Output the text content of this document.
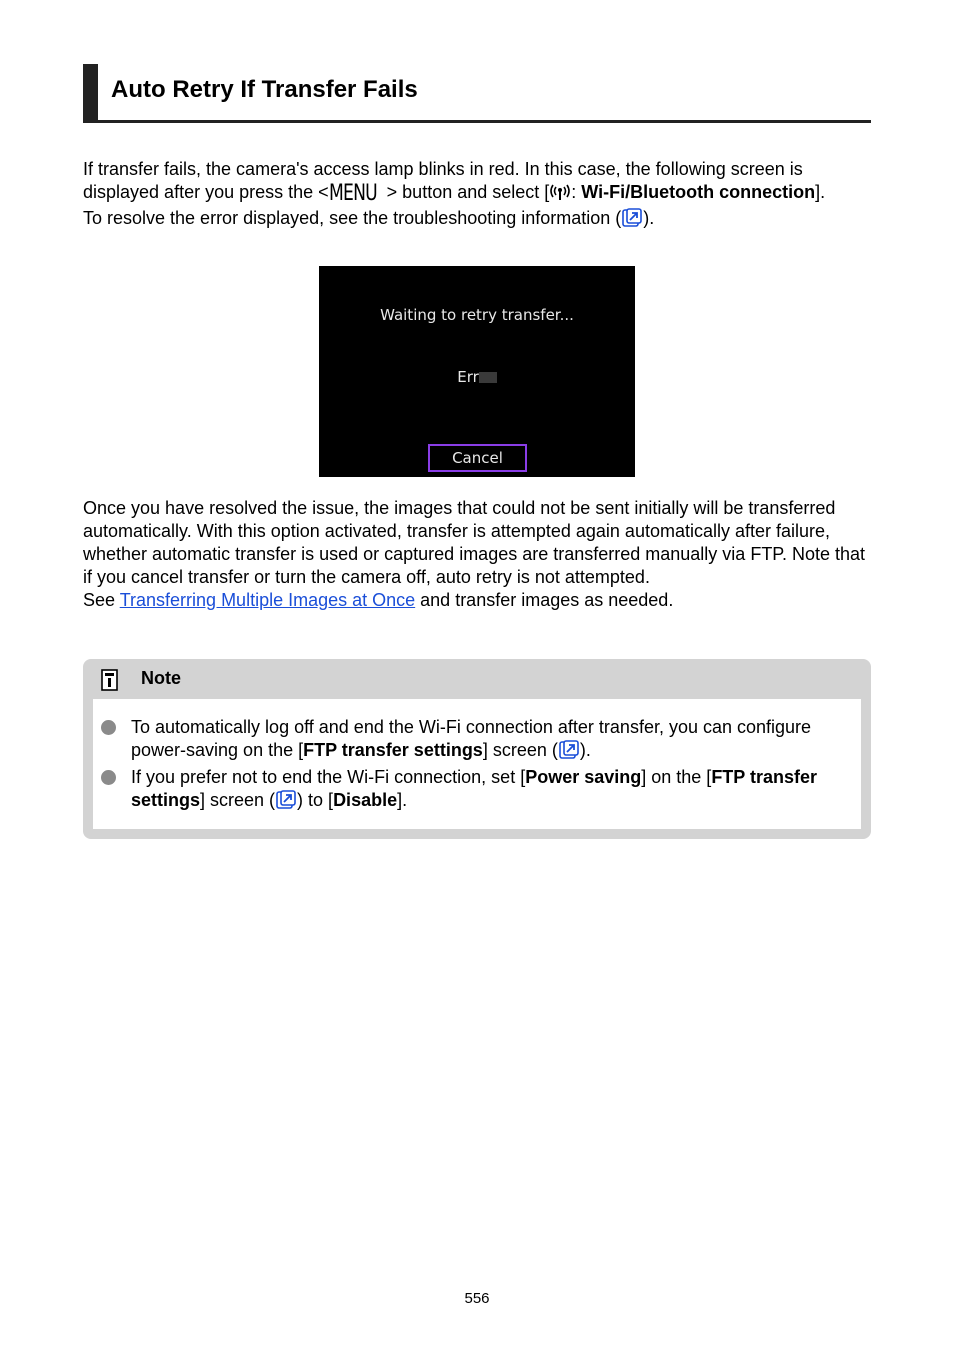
Auto Retry If Transfer Fails

If transfer fails, the camera's access lamp blinks in red. In this case, the following screen is displayed after you press the <MENU > button and select [ : Wi-Fi/Bluetooth connection].
To resolve the error displayed, see the troubleshooting information ( ).

Waiting to retry transfer...
Err
Cancel

Once you have resolved the issue, the images that could not be sent initially will be transferred automatically. With this option activated, transfer is attempted again automatically after failure, whether automatic transfer is used or captured images are transferred manually via FTP. Note that if you cancel transfer or turn the camera off, auto retry is not attempted.
See Transferring Multiple Images at Once and transfer images as needed.

Note
To automatically log off and end the Wi-Fi connection after transfer, you can configure power-saving on the [FTP transfer settings] screen ( ).
If you prefer not to end the Wi-Fi connection, set [Power saving] on the [FTP transfer settings] screen ( ) to [Disable].
556
